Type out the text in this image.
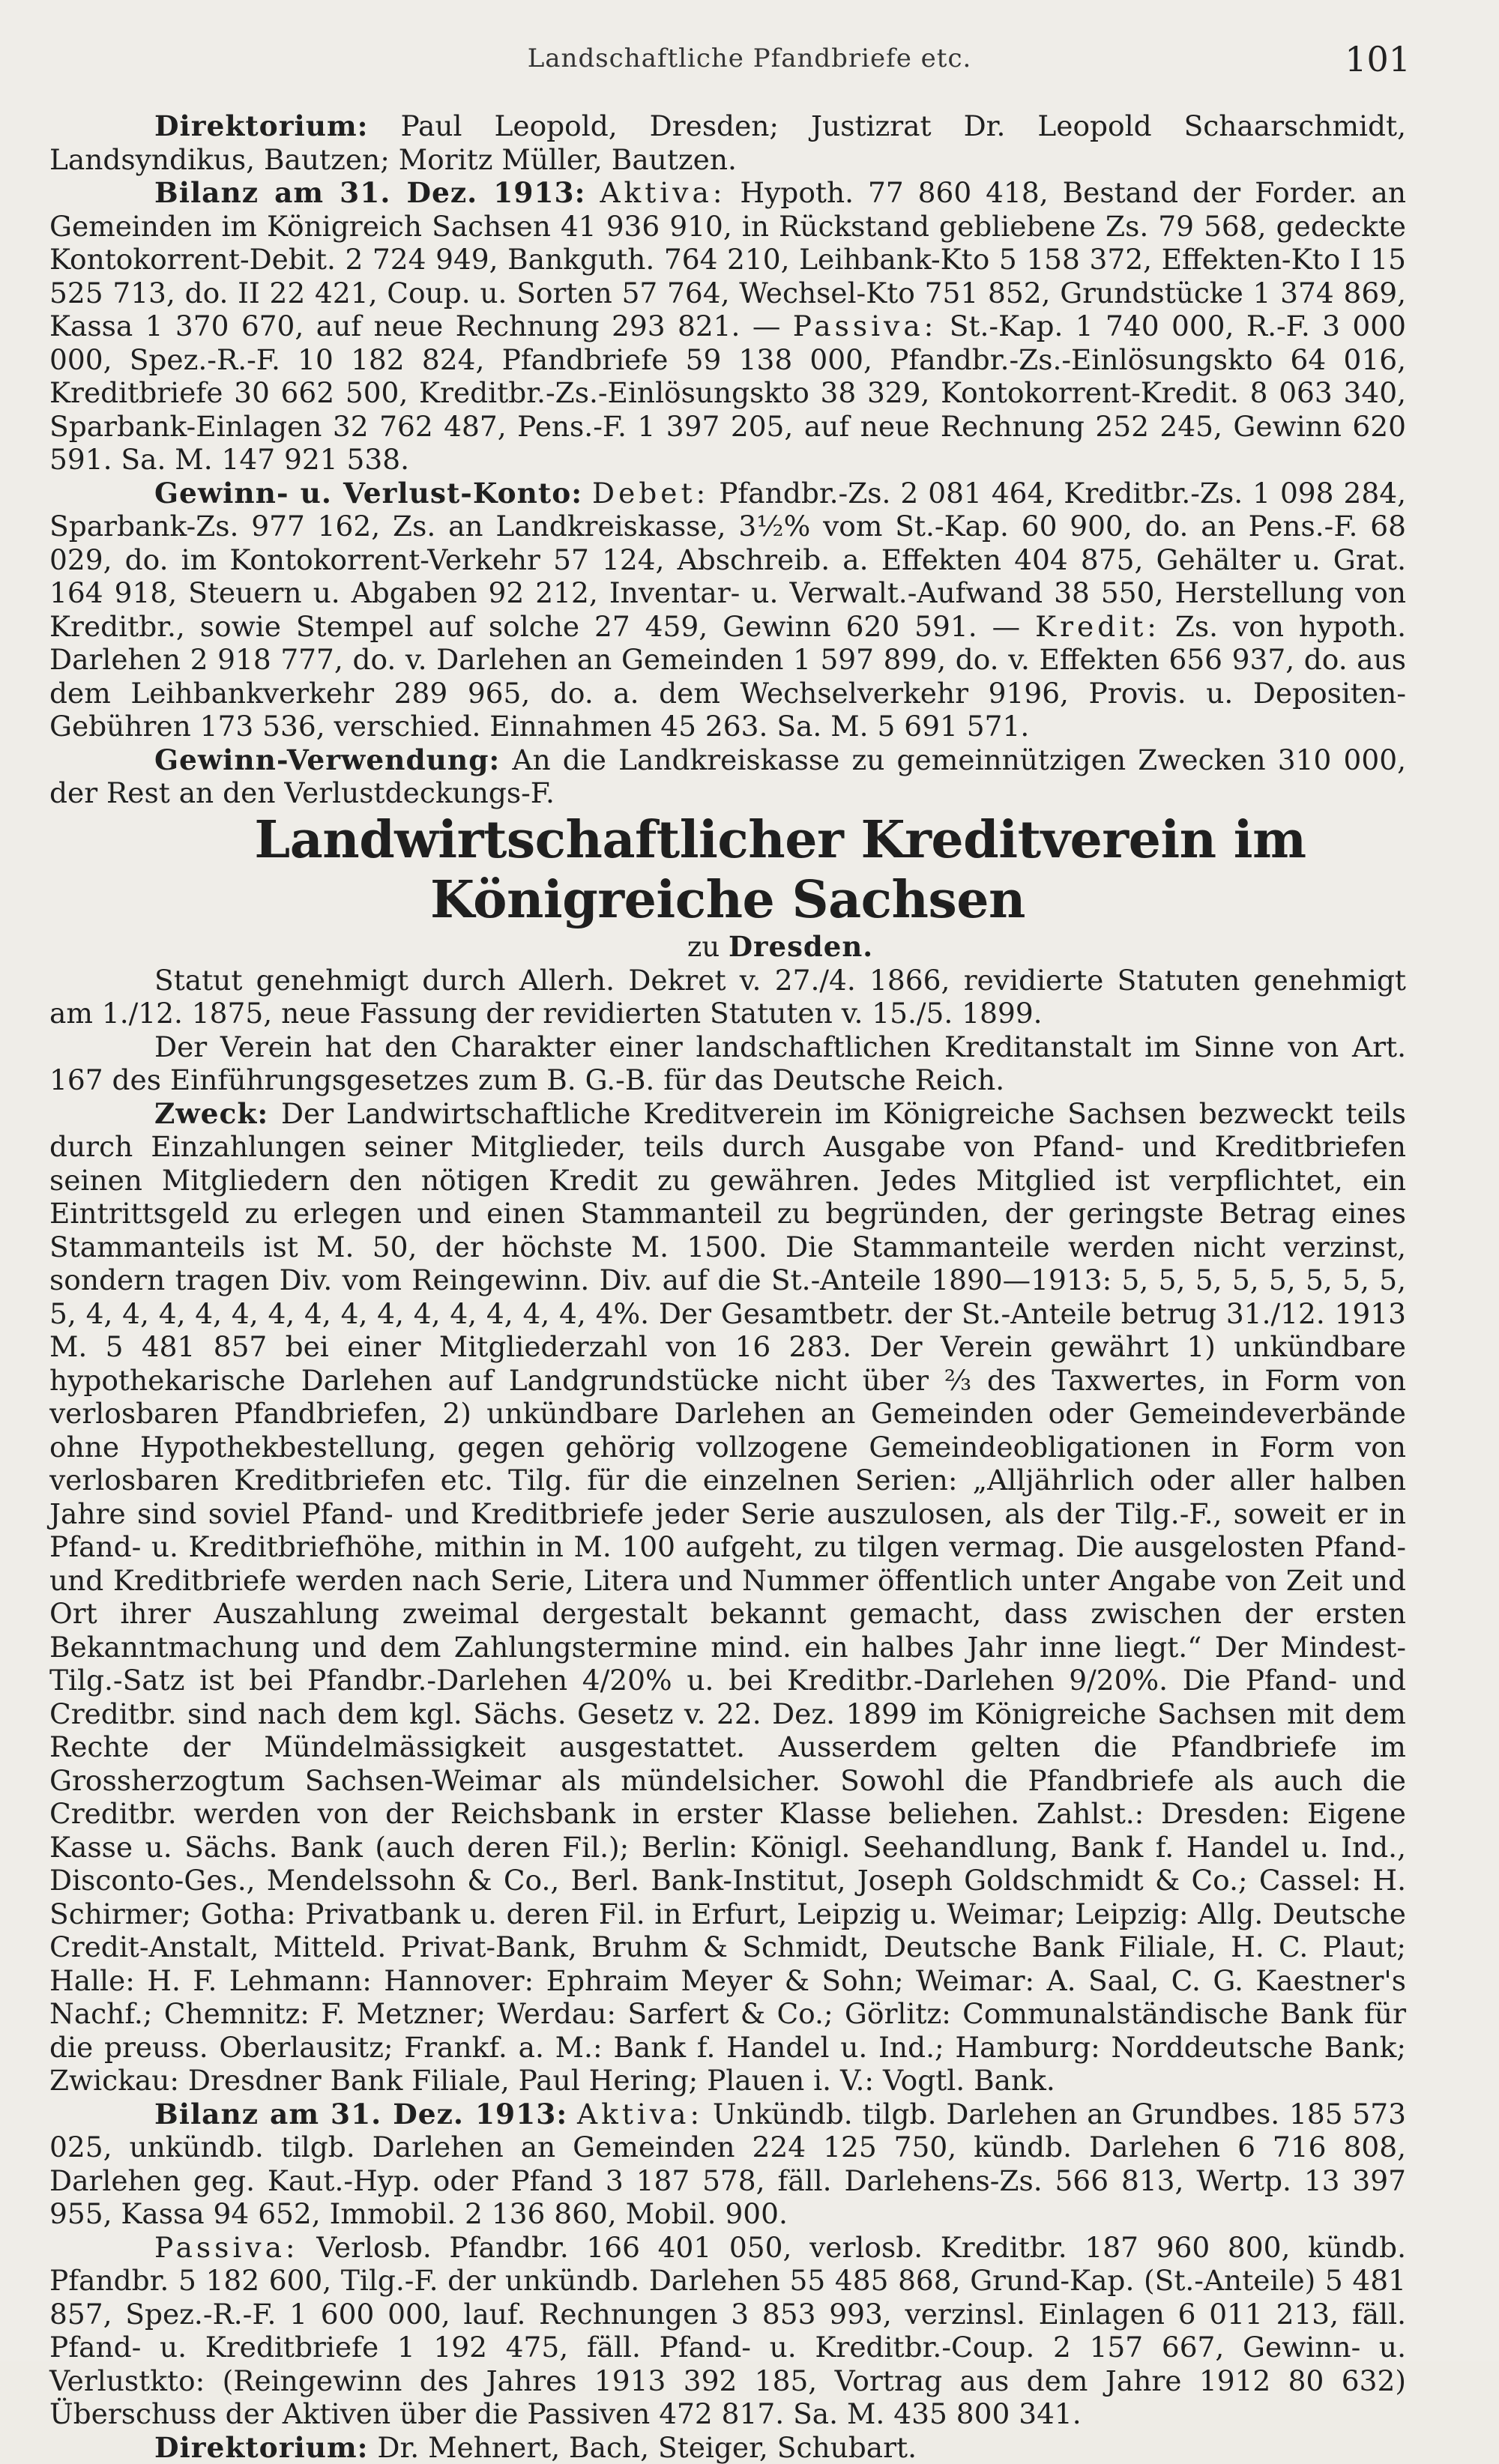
Landschaftliche Pfandbriefe etc.	101

Direktorium: Paul Leopold, Dresden; Justizrat Dr. Leopold Schaarschmidt, Landsyndikus, Bautzen; Moritz Müller, Bautzen.

Bilanz am 31. Dez. 1913: Aktiva: Hypoth. 77 860 418, Bestand der Forder. an Gemeinden im Königreich Sachsen 41 936 910, in Rückstand gebliebene Zs. 79 568, gedeckte Kontokorrent-Debit. 2 724 949, Bankguth. 764 210, Leihbank-Kto 5 158 372, Effekten-Kto I 15 525 713, do. II 22 421, Coup. u. Sorten 57 764, Wechsel-Kto 751 852, Grundstücke 1 374 869, Kassa 1 370 670, auf neue Rechnung 293 821. — Passiva: St.-Kap. 1 740 000, R.-F. 3 000 000, Spez.-R.-F. 10 182 824, Pfandbriefe 59 138 000, Pfandbr.-Zs.-Einlösungskto 64 016, Kreditbriefe 30 662 500, Kreditbr.-Zs.-Einlösungskto 38 329, Kontokorrent-Kredit. 8 063 340, Sparbank-Einlagen 32 762 487, Pens.-F. 1 397 205, auf neue Rechnung 252 245, Gewinn 620 591. Sa. M. 147 921 538.

Gewinn- u. Verlust-Konto: Debet: Pfandbr.-Zs. 2 081 464, Kreditbr.-Zs. 1 098 284, Sparbank-Zs. 977 162, Zs. an Landkreiskasse, 3½% vom St.-Kap. 60 900, do. an Pens.-F. 68 029, do. im Kontokorrent-Verkehr 57 124, Abschreib. a. Effekten 404 875, Gehälter u. Grat. 164 918, Steuern u. Abgaben 92 212, Inventar- u. Verwalt.-Aufwand 38 550, Herstellung von Kreditbr., sowie Stempel auf solche 27 459, Gewinn 620 591. — Kredit: Zs. von hypoth. Darlehen 2 918 777, do. v. Darlehen an Gemeinden 1 597 899, do. v. Effekten 656 937, do. aus dem Leihbankverkehr 289 965, do. a. dem Wechselverkehr 9196, Provis. u. Depositen-Gebühren 173 536, verschied. Einnahmen 45 263. Sa. M. 5 691 571.

Gewinn-Verwendung: An die Landkreiskasse zu gemeinnützigen Zwecken 310 000, der Rest an den Verlustdeckungs-F.

Landwirtschaftlicher Kreditverein im Königreiche Sachsen

zu Dresden.

Statut genehmigt durch Allerh. Dekret v. 27./4. 1866, revidierte Statuten genehmigt am 1./12. 1875, neue Fassung der revidierten Statuten v. 15./5. 1899.

Der Verein hat den Charakter einer landschaftlichen Kreditanstalt im Sinne von Art. 167 des Einführungsgesetzes zum B. G.-B. für das Deutsche Reich.

Zweck: Der Landwirtschaftliche Kreditverein im Königreiche Sachsen bezweckt teils durch Einzahlungen seiner Mitglieder, teils durch Ausgabe von Pfand- und Kreditbriefen seinen Mitgliedern den nötigen Kredit zu gewähren. Jedes Mitglied ist verpflichtet, ein Eintrittsgeld zu erlegen und einen Stammanteil zu begründen, der geringste Betrag eines Stammanteils ist M. 50, der höchste M. 1500. Die Stammanteile werden nicht verzinst, sondern tragen Div. vom Reingewinn. Div. auf die St.-Anteile 1890—1913: 5, 5, 5, 5, 5, 5, 5, 5, 5, 4, 4, 4, 4, 4, 4, 4, 4, 4, 4, 4, 4, 4, 4, 4%. Der Gesamtbetr. der St.-Anteile betrug 31./12. 1913 M. 5 481 857 bei einer Mitgliederzahl von 16 283. Der Verein gewährt 1) unkündbare hypothekarische Darlehen auf Landgrundstücke nicht über ⅔ des Taxwertes, in Form von verlosbaren Pfandbriefen, 2) unkündbare Darlehen an Gemeinden oder Gemeindeverbände ohne Hypothekbestellung, gegen gehörig vollzogene Gemeindeobligationen in Form von verlosbaren Kreditbriefen etc. Tilg. für die einzelnen Serien: „Alljährlich oder aller halben Jahre sind soviel Pfand- und Kreditbriefe jeder Serie auszulosen, als der Tilg.-F., soweit er in Pfand- u. Kreditbriefhöhe, mithin in M. 100 aufgeht, zu tilgen vermag. Die ausgelosten Pfand- und Kreditbriefe werden nach Serie, Litera und Nummer öffentlich unter Angabe von Zeit und Ort ihrer Auszahlung zweimal dergestalt bekannt gemacht, dass zwischen der ersten Bekanntmachung und dem Zahlungstermine mind. ein halbes Jahr inne liegt.“ Der Mindest-Tilg.-Satz ist bei Pfandbr.-Darlehen 4/20% u. bei Kreditbr.-Darlehen 9/20%. Die Pfand- und Creditbr. sind nach dem kgl. Sächs. Gesetz v. 22. Dez. 1899 im Königreiche Sachsen mit dem Rechte der Mündelmässigkeit ausgestattet. Ausserdem gelten die Pfandbriefe im Grossherzogtum Sachsen-Weimar als mündelsicher. Sowohl die Pfandbriefe als auch die Creditbr. werden von der Reichsbank in erster Klasse beliehen. Zahlst.: Dresden: Eigene Kasse u. Sächs. Bank (auch deren Fil.); Berlin: Königl. Seehandlung, Bank f. Handel u. Ind., Disconto-Ges., Mendelssohn & Co., Berl. Bank-Institut, Joseph Goldschmidt & Co.; Cassel: H. Schirmer; Gotha: Privatbank u. deren Fil. in Erfurt, Leipzig u. Weimar; Leipzig: Allg. Deutsche Credit-Anstalt, Mitteld. Privat-Bank, Bruhm & Schmidt, Deutsche Bank Filiale, H. C. Plaut; Halle: H. F. Lehmann: Hannover: Ephraim Meyer & Sohn; Weimar: A. Saal, C. G. Kaestner's Nachf.; Chemnitz: F. Metzner; Werdau: Sarfert & Co.; Görlitz: Communalständische Bank für die preuss. Oberlausitz; Frankf. a. M.: Bank f. Handel u. Ind.; Hamburg: Norddeutsche Bank; Zwickau: Dresdner Bank Filiale, Paul Hering; Plauen i. V.: Vogtl. Bank.

Bilanz am 31. Dez. 1913: Aktiva: Unkündb. tilgb. Darlehen an Grundbes. 185 573 025, unkündb. tilgb. Darlehen an Gemeinden 224 125 750, kündb. Darlehen 6 716 808, Darlehen geg. Kaut.-Hyp. oder Pfand 3 187 578, fäll. Darlehens-Zs. 566 813, Wertp. 13 397 955, Kassa 94 652, Immobil. 2 136 860, Mobil. 900.

Passiva: Verlosb. Pfandbr. 166 401 050, verlosb. Kreditbr. 187 960 800, kündb. Pfandbr. 5 182 600, Tilg.-F. der unkündb. Darlehen 55 485 868, Grund-Kap. (St.-Anteile) 5 481 857, Spez.-R.-F. 1 600 000, lauf. Rechnungen 3 853 993, verzinsl. Einlagen 6 011 213, fäll. Pfand- u. Kreditbriefe 1 192 475, fäll. Pfand- u. Kreditbr.-Coup. 2 157 667, Gewinn- u. Verlustkto: (Reingewinn des Jahres 1913 392 185, Vortrag aus dem Jahre 1912 80 632) Überschuss der Aktiven über die Passiven 472 817. Sa. M. 435 800 341.

Direktorium: Dr. Mehnert, Bach, Steiger, Schubart.
